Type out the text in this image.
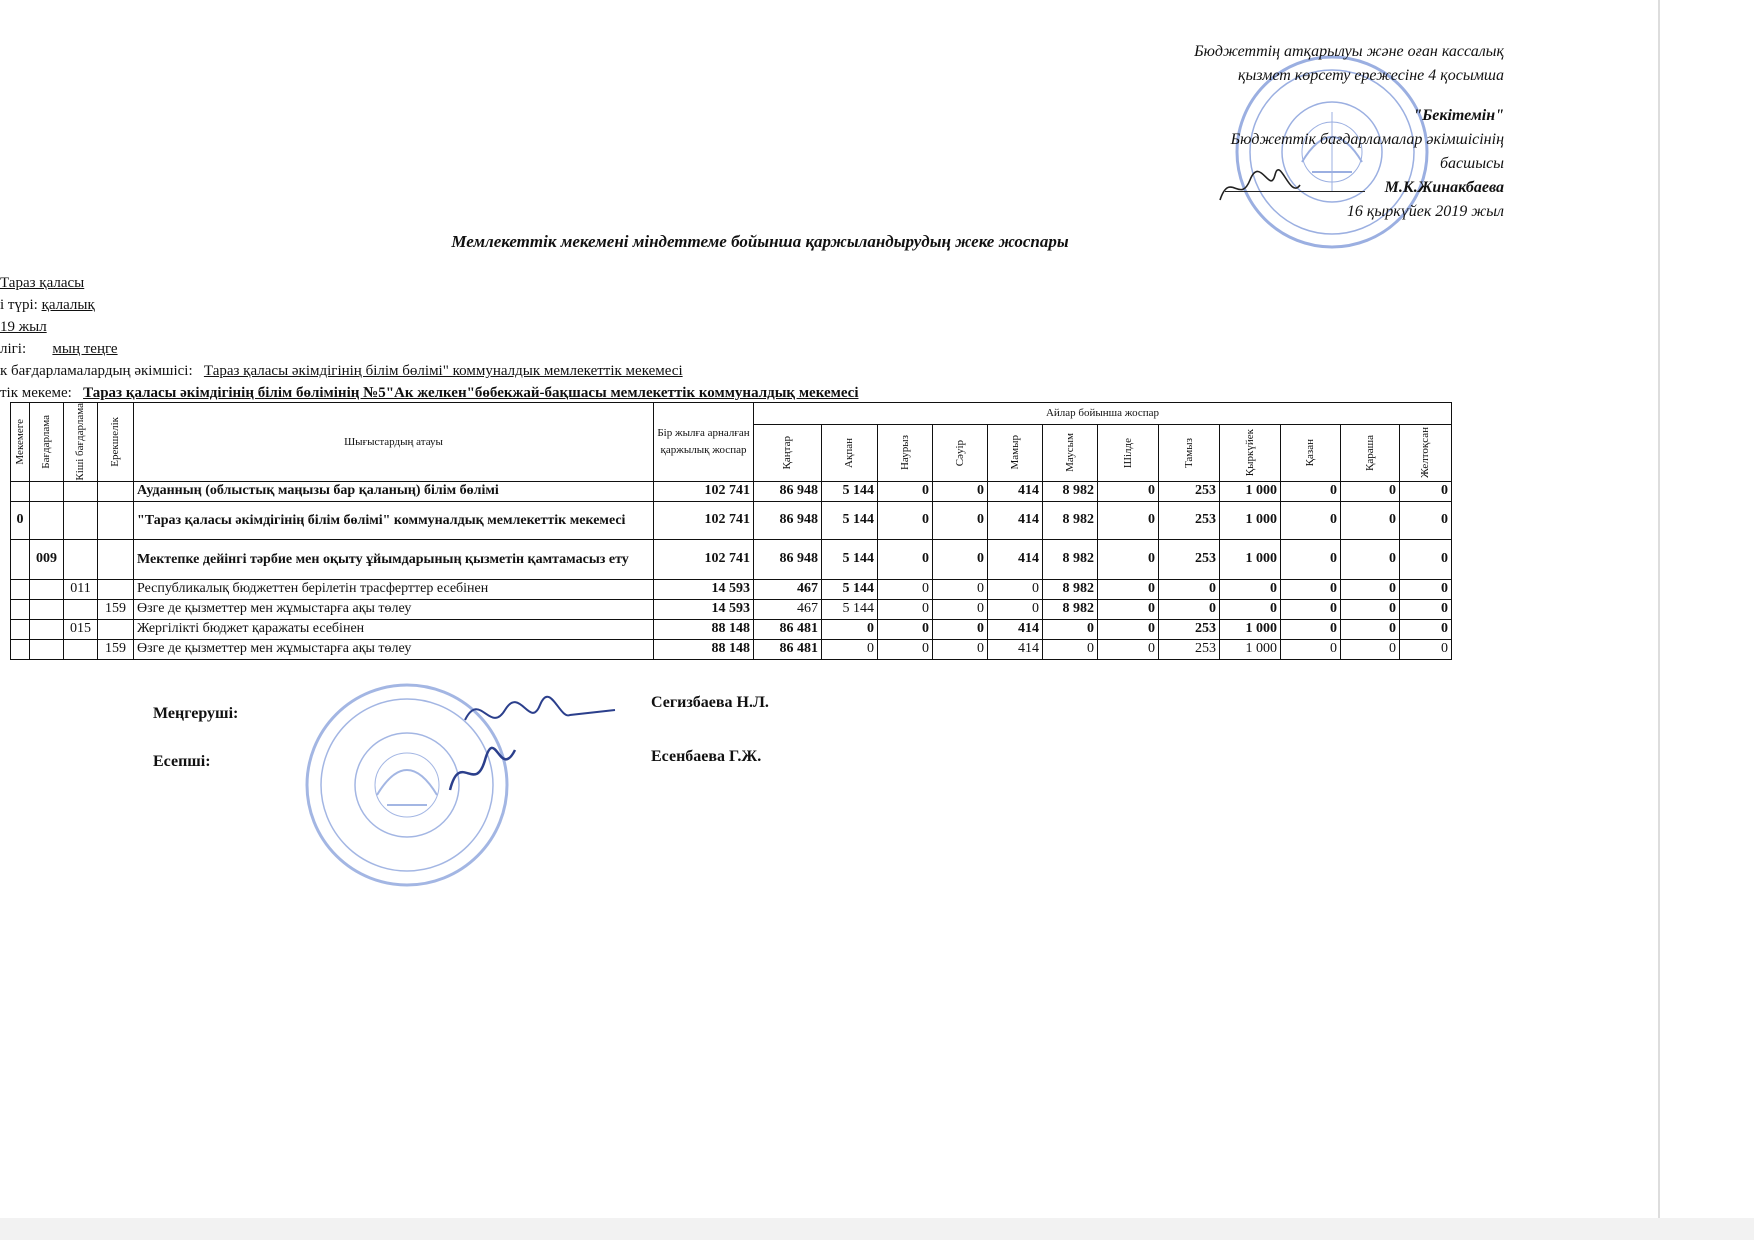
Бюджеттің атқарылуы және оған кассалық
қызмет көрсету ережесіне 4 қосымша
"Бекітемін"
Бюджеттік бағдарламалар әкімшісінің
басшысы
М.К.Жинакбаева
16 қыркүйек 2019 жыл
Мемлекеттік мекемені міндеттеме бойынша қаржыландырудың жеке жоспары
Тараз қаласы
і түрі: қалалық
19 жыл
лігі: мың теңге
к бағдарламалардың әкімшісі: Тараз қаласы әкімдігінің білім бөлімі" коммуналдык мемлекеттік мекемесі
тік мекеме: Тараз қаласы әкімдігінің білім бөлімінің №5"Ак желкен"бөбекжай-бақшасы мемлекеттік коммуналдық мекемесі
Мекемеге	Бағдарлама	Кіші бағдарлама	Ерекшелік	Шығыстардың атауы	Бір жылға арналған қаржылық жоспар	Айлар бойынша жоспар											

						Қаңтар	Ақпан	Наурыз	Сәуір	Мамыр	Маусым	Шілде	Тамыз	Қыркүйек	Қазан	Қараша	Желтоқсан

				Ауданның (облыстық маңызы бар қаланың) білім бөлімі	102 741	86 948	5 144	0	0	414	8 982	0	253	1 000	0	0	0
0				"Тараз қаласы әкімдігінің білім бөлімі" коммуналдық мемлекеттік мекемесі	102 741	86 948	5 144	0	0	414	8 982	0	253	1 000	0	0	0
	009			Мектепке дейінгі тәрбие мен оқыту ұйымдарының қызметін қамтамасыз ету	102 741	86 948	5 144	0	0	414	8 982	0	253	1 000	0	0	0
		011		Республикалық бюджеттен берілетін трасферттер есебінен	14 593	467	5 144	0	0	0	8 982	0	0	0	0	0	0
			159	Өзге де қызметтер мен жұмыстарға ақы төлеу	14 593	467	5 144	0	0	0	8 982	0	0	0	0	0	0
		015		Жергілікті бюджет қаражаты есебінен	88 148	86 481	0	0	0	414	0	0	253	1 000	0	0	0
			159	Өзге де қызметтер мен жұмыстарға ақы төлеу	88 148	86 481	0	0	0	414	0	0	253	1 000	0	0	0
Меңгеруші:
Сегизбаева Н.Л.
Есепші:	Есенбаева Г.Ж.
